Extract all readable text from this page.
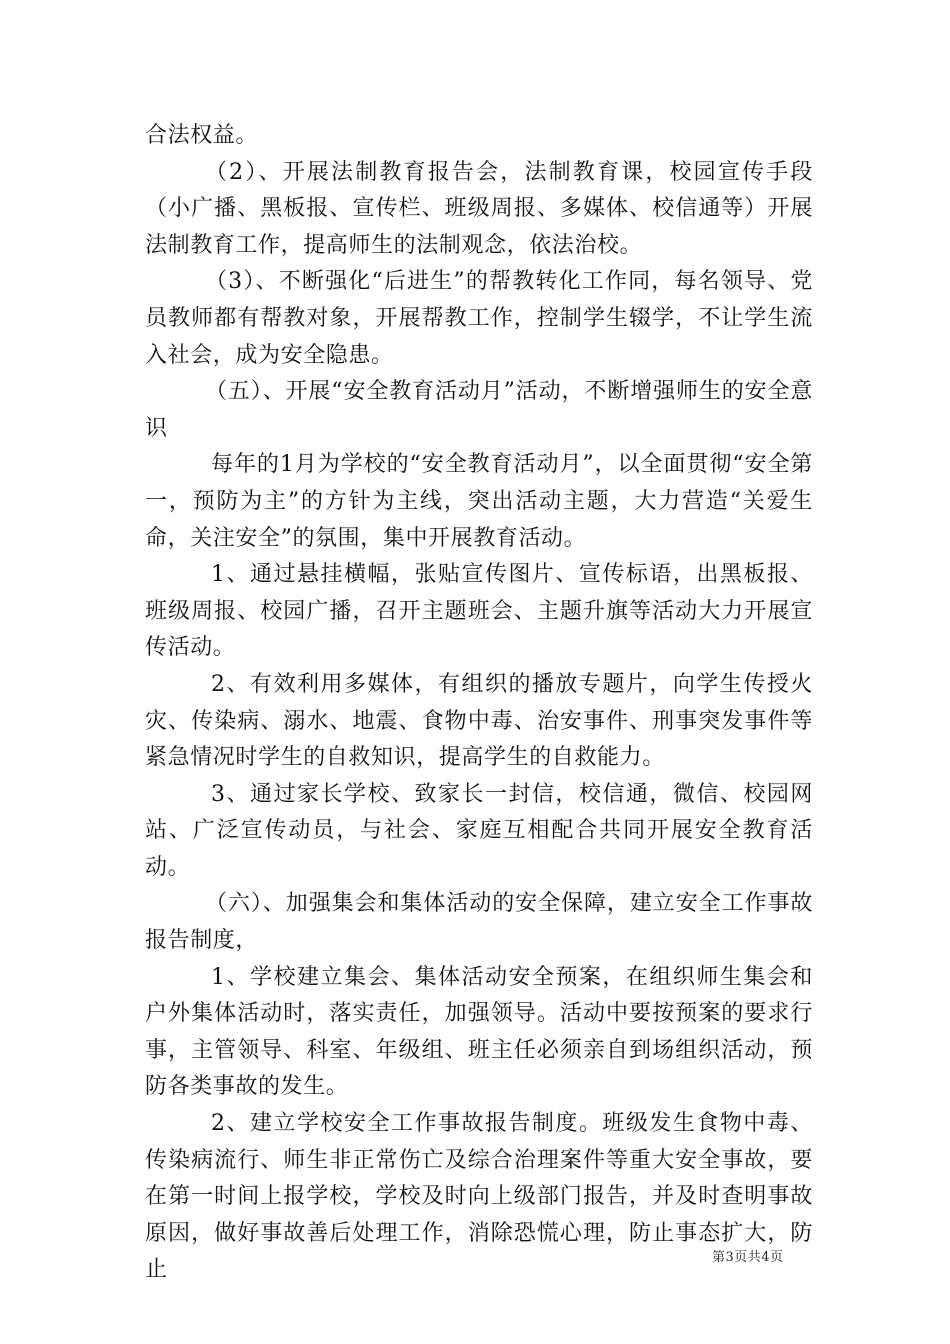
合法权益。

（2）、开展法制教育报告会，法制教育课，校园宣传手段（小广播、黑板报、宣传栏、班级周报、多媒体、校信通等）开展法制教育工作，提高师生的法制观念，依法治校。

（3）、不断强化“后进生”的帮教转化工作同，每名领导、党员教师都有帮教对象，开展帮教工作，控制学生辍学，不让学生流入社会，成为安全隐患。

（五）、开展“安全教育活动月”活动，不断增强师生的安全意识

每年的1月为学校的“安全教育活动月”，以全面贯彻“安全第一，预防为主”的方针为主线，突出活动主题，大力营造“关爱生命，关注安全”的氛围，集中开展教育活动。

1、通过悬挂横幅，张贴宣传图片、宣传标语，出黑板报、班级周报、校园广播，召开主题班会、主题升旗等活动大力开展宣传活动。

2、有效利用多媒体，有组织的播放专题片，向学生传授火灾、传染病、溺水、地震、食物中毒、治安事件、刑事突发事件等紧急情况时学生的自救知识，提高学生的自救能力。

3、通过家长学校、致家长一封信，校信通，微信、校园网站、广泛宣传动员，与社会、家庭互相配合共同开展安全教育活动。

（六）、加强集会和集体活动的安全保障，建立安全工作事故报告制度，

1、学校建立集会、集体活动安全预案，在组织师生集会和户外集体活动时，落实责任，加强领导。活动中要按预案的要求行事，主管领导、科室、年级组、班主任必须亲自到场组织活动，预防各类事故的发生。

2、建立学校安全工作事故报告制度。班级发生食物中毒、传染病流行、师生非正常伤亡及综合治理案件等重大安全事故，要在第一时间上报学校，学校及时向上级部门报告，并及时查明事故原因，做好事故善后处理工作，消除恐慌心理，防止事态扩大，防止	第3页共4页
